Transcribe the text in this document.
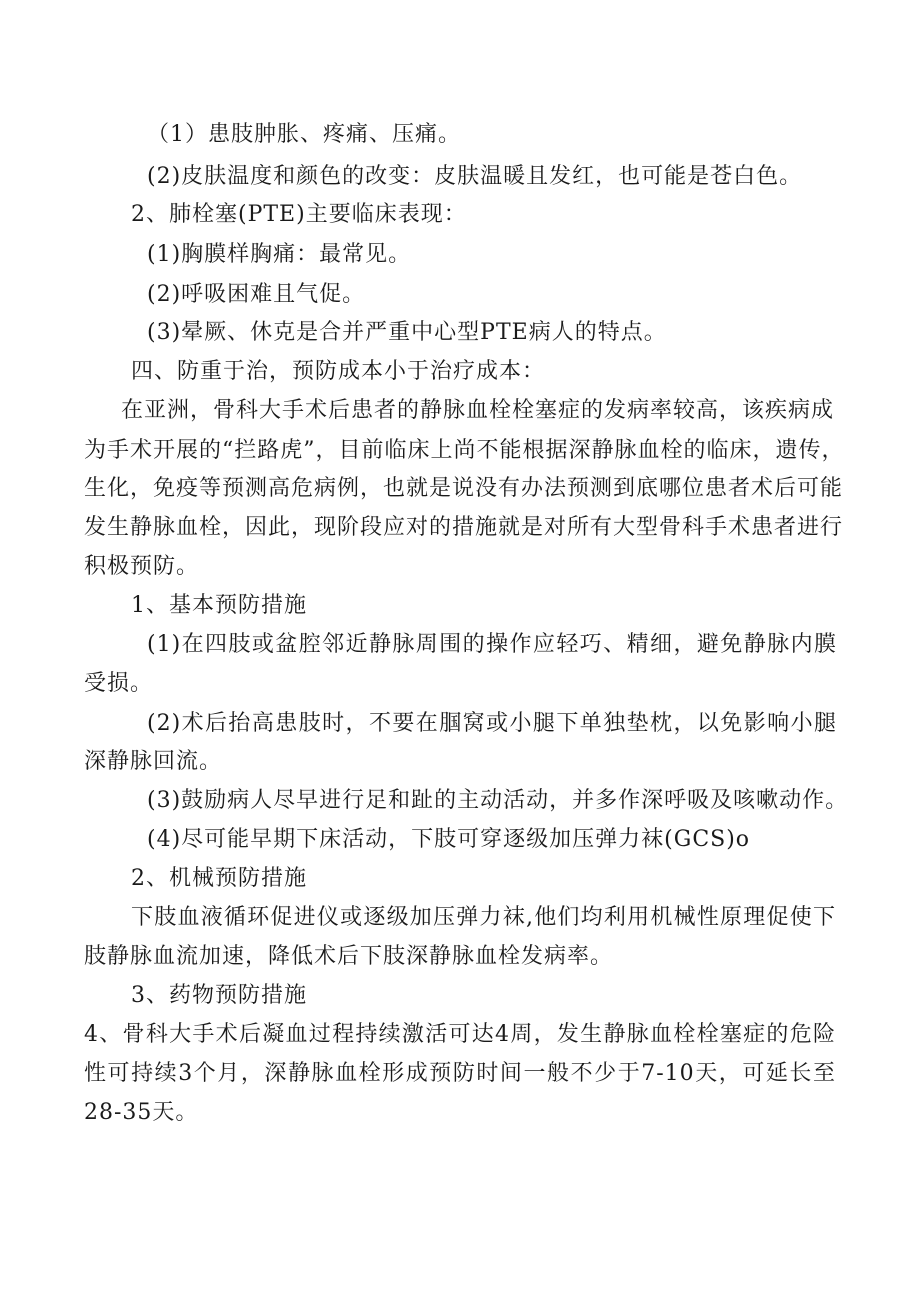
（1）患肢肿胀、疼痛、压痛。
(2)皮肤温度和颜色的改变：皮肤温暖且发红，也可能是苍白色。
2、肺栓塞(PTE)主要临床表现：
(1)胸膜样胸痛：最常见。
(2)呼吸困难且气促。
(3)晕厥、休克是合并严重中心型PTE病人的特点。
四、防重于治，预防成本小于治疗成本：
在亚洲，骨科大手术后患者的静脉血栓栓塞症的发病率较高，该疾病成
为手术开展的“拦路虎”，目前临床上尚不能根据深静脉血栓的临床，遗传，
生化，免疫等预测高危病例，也就是说没有办法预测到底哪位患者术后可能
发生静脉血栓，因此，现阶段应对的措施就是对所有大型骨科手术患者进行
积极预防。
1、基本预防措施
(1)在四肢或盆腔邻近静脉周围的操作应轻巧、精细，避免静脉内膜
受损。
(2)术后抬高患肢时，不要在腘窝或小腿下单独垫枕，以免影响小腿
深静脉回流。
(3)鼓励病人尽早进行足和趾的主动活动，并多作深呼吸及咳嗽动作。
(4)尽可能早期下床活动，下肢可穿逐级加压弹力袜(GCS)o
2、机械预防措施
下肢血液循环促进仪或逐级加压弹力袜,他们均利用机械性原理促使下
肢静脉血流加速，降低术后下肢深静脉血栓发病率。
3、药物预防措施
4、骨科大手术后凝血过程持续激活可达4周，发生静脉血栓栓塞症的危险
性可持续3个月，深静脉血栓形成预防时间一般不少于7-10天，可延长至
28-35天。
